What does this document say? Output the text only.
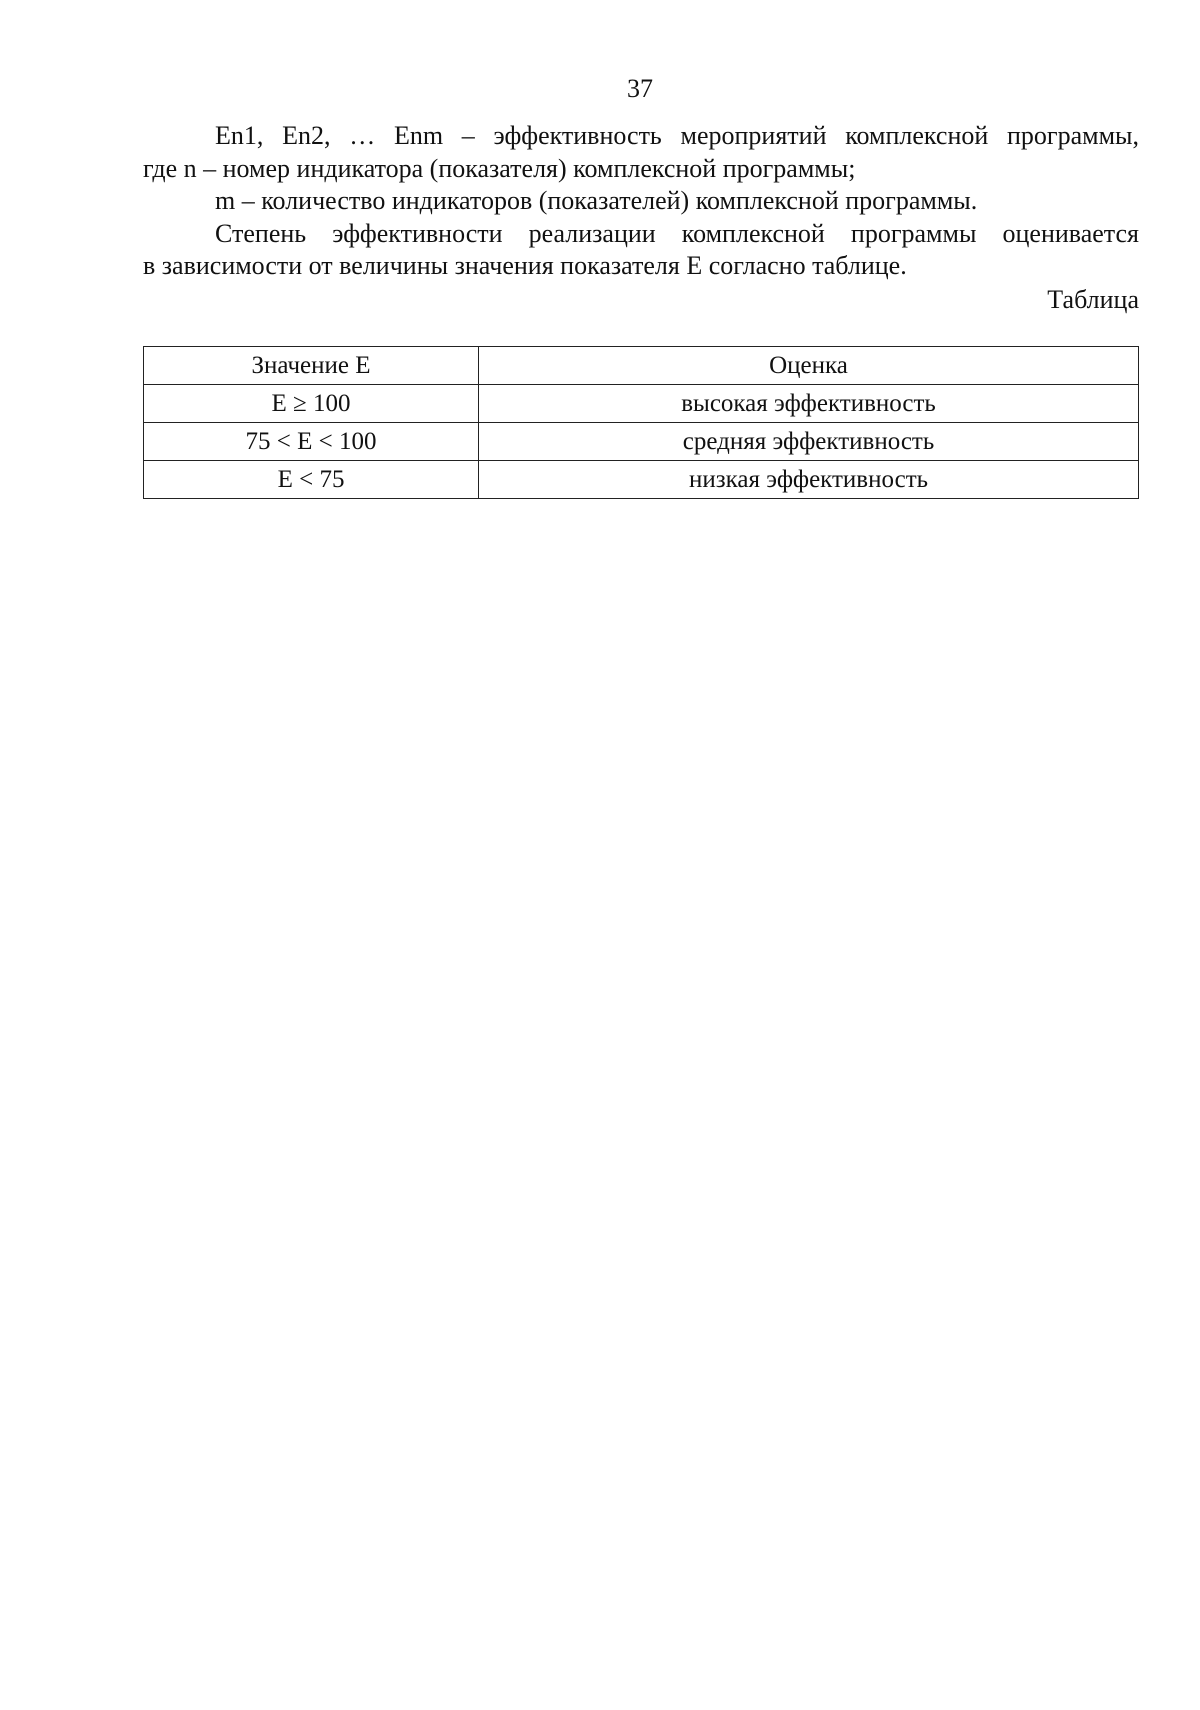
37

En1, En2, … Enm – эффективность мероприятий комплексной программы,
где n – номер индикатора (показателя) комплексной программы;

m – количество индикаторов (показателей) комплексной программы.

Степень эффективности реализации комплексной программы оценивается
в зависимости от величины значения показателя E согласно таблице.

Таблица
Значение E	Оценка
E ≥ 100	высокая эффективность
75 < E < 100	средняя эффективность
E < 75	низкая эффективность
